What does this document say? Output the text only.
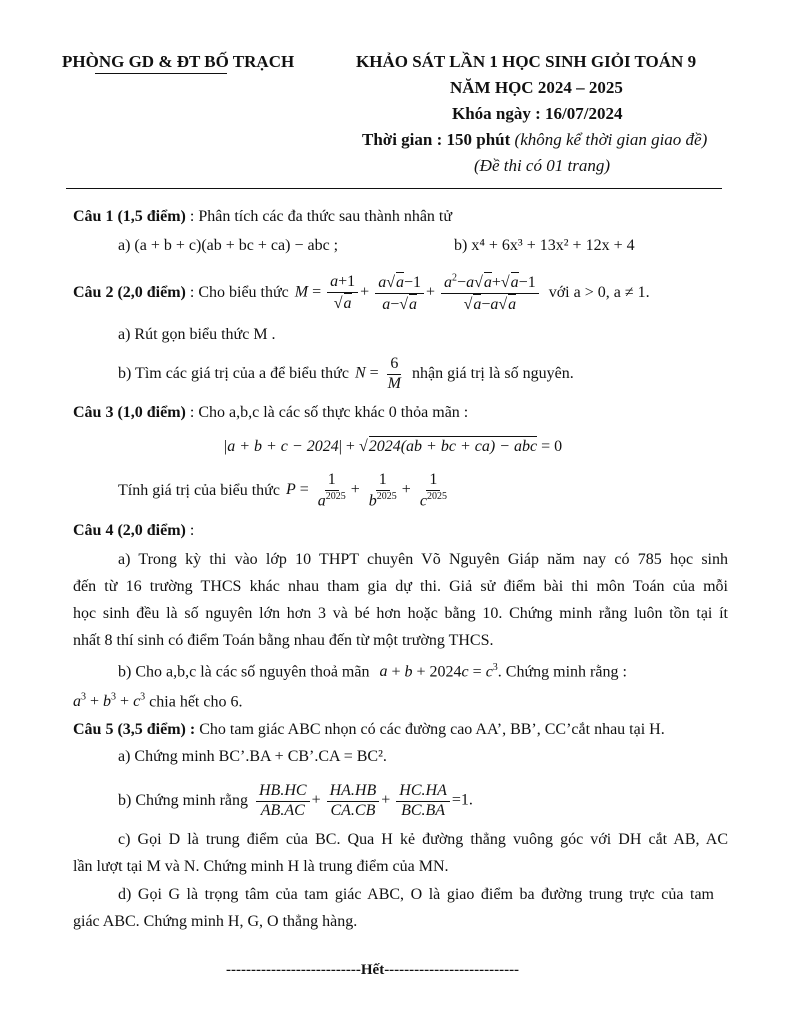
PHÒNG GD & ĐT BỐ TRẠCH	KHẢO SÁT LẦN 1 HỌC SINH GIỎI TOÁN 9
NĂM HỌC 2024 – 2025
Khóa ngày : 16/07/2024
Thời gian : 150 phút (không kể thời gian giao đề)
(Đề thi có 01 trang)
Câu 1 (1,5 điểm) : Phân tích các đa thức sau thành nhân tử
a) (a + b + c)(ab + bc + ca) − abc ;	b) x⁴ + 6x³ + 13x² + 12x + 4
Câu 2 (2,0 điểm) : Cho biểu thức $M = \frac{a+1}{√a} + \frac{a√a-1}{a-√a} + \frac{a^2-a√a+√a-1}{√a-a√a}$ với a > 0, a ≠ 1.
a) Rút gọn biểu thức M .
b) Tìm các giá trị của a để biểu thức $N = \frac{6}{M}$ nhận giá trị là số nguyên.
Câu 3 (1,0 điểm) : Cho a,b,c là các số thực khác 0 thỏa mãn :
|a + b + c − 2024| + √2024(ab + bc + ca) − abc = 0
Tính giá trị của biểu thức $P = \frac{1}{a^{2025}} + \frac{1}{b^{2025}} + \frac{1}{c^{2025}}$
Câu 4 (2,0 điểm) :
a) Trong kỳ thi vào lớp 10 THPT chuyên Võ Nguyên Giáp năm nay có 785 học sinh
đến từ 16 trường THCS khác nhau tham gia dự thi. Giả sử điểm bài thi môn Toán của mỗi
học sinh đều là số nguyên lớn hơn 3 và bé hơn hoặc bằng 10. Chứng minh rằng luôn tồn tại ít
nhất 8 thí sinh có điểm Toán bằng nhau đến từ một trường THCS.
b) Cho a,b,c là các số nguyên thoả mãn $a + b + 2024c = c^3$. Chứng minh rằng :
$a^3 + b^3 + c^3$ chia hết cho 6.
Câu 5 (3,5 điểm) : Cho tam giác ABC nhọn có các đường cao AA’, BB’, CC’cắt nhau tại H.
a) Chứng minh BC’.BA + CB’.CA = BC².
b) Chứng minh rằng $\frac{HB.HC}{AB.AC} + \frac{HA.HB}{CA.CB} + \frac{HC.HA}{BC.BA} =1$.
c) Gọi D là trung điểm của BC. Qua H kẻ đường thẳng vuông góc với DH cắt AB, AC
lần lượt tại M và N. Chứng minh H là trung điểm của MN.
d) Gọi G là trọng tâm của tam giác ABC, O là giao điểm ba đường trung trực của tam
giác ABC. Chứng minh H, G, O thẳng hàng.
---------------------------Hết---------------------------
